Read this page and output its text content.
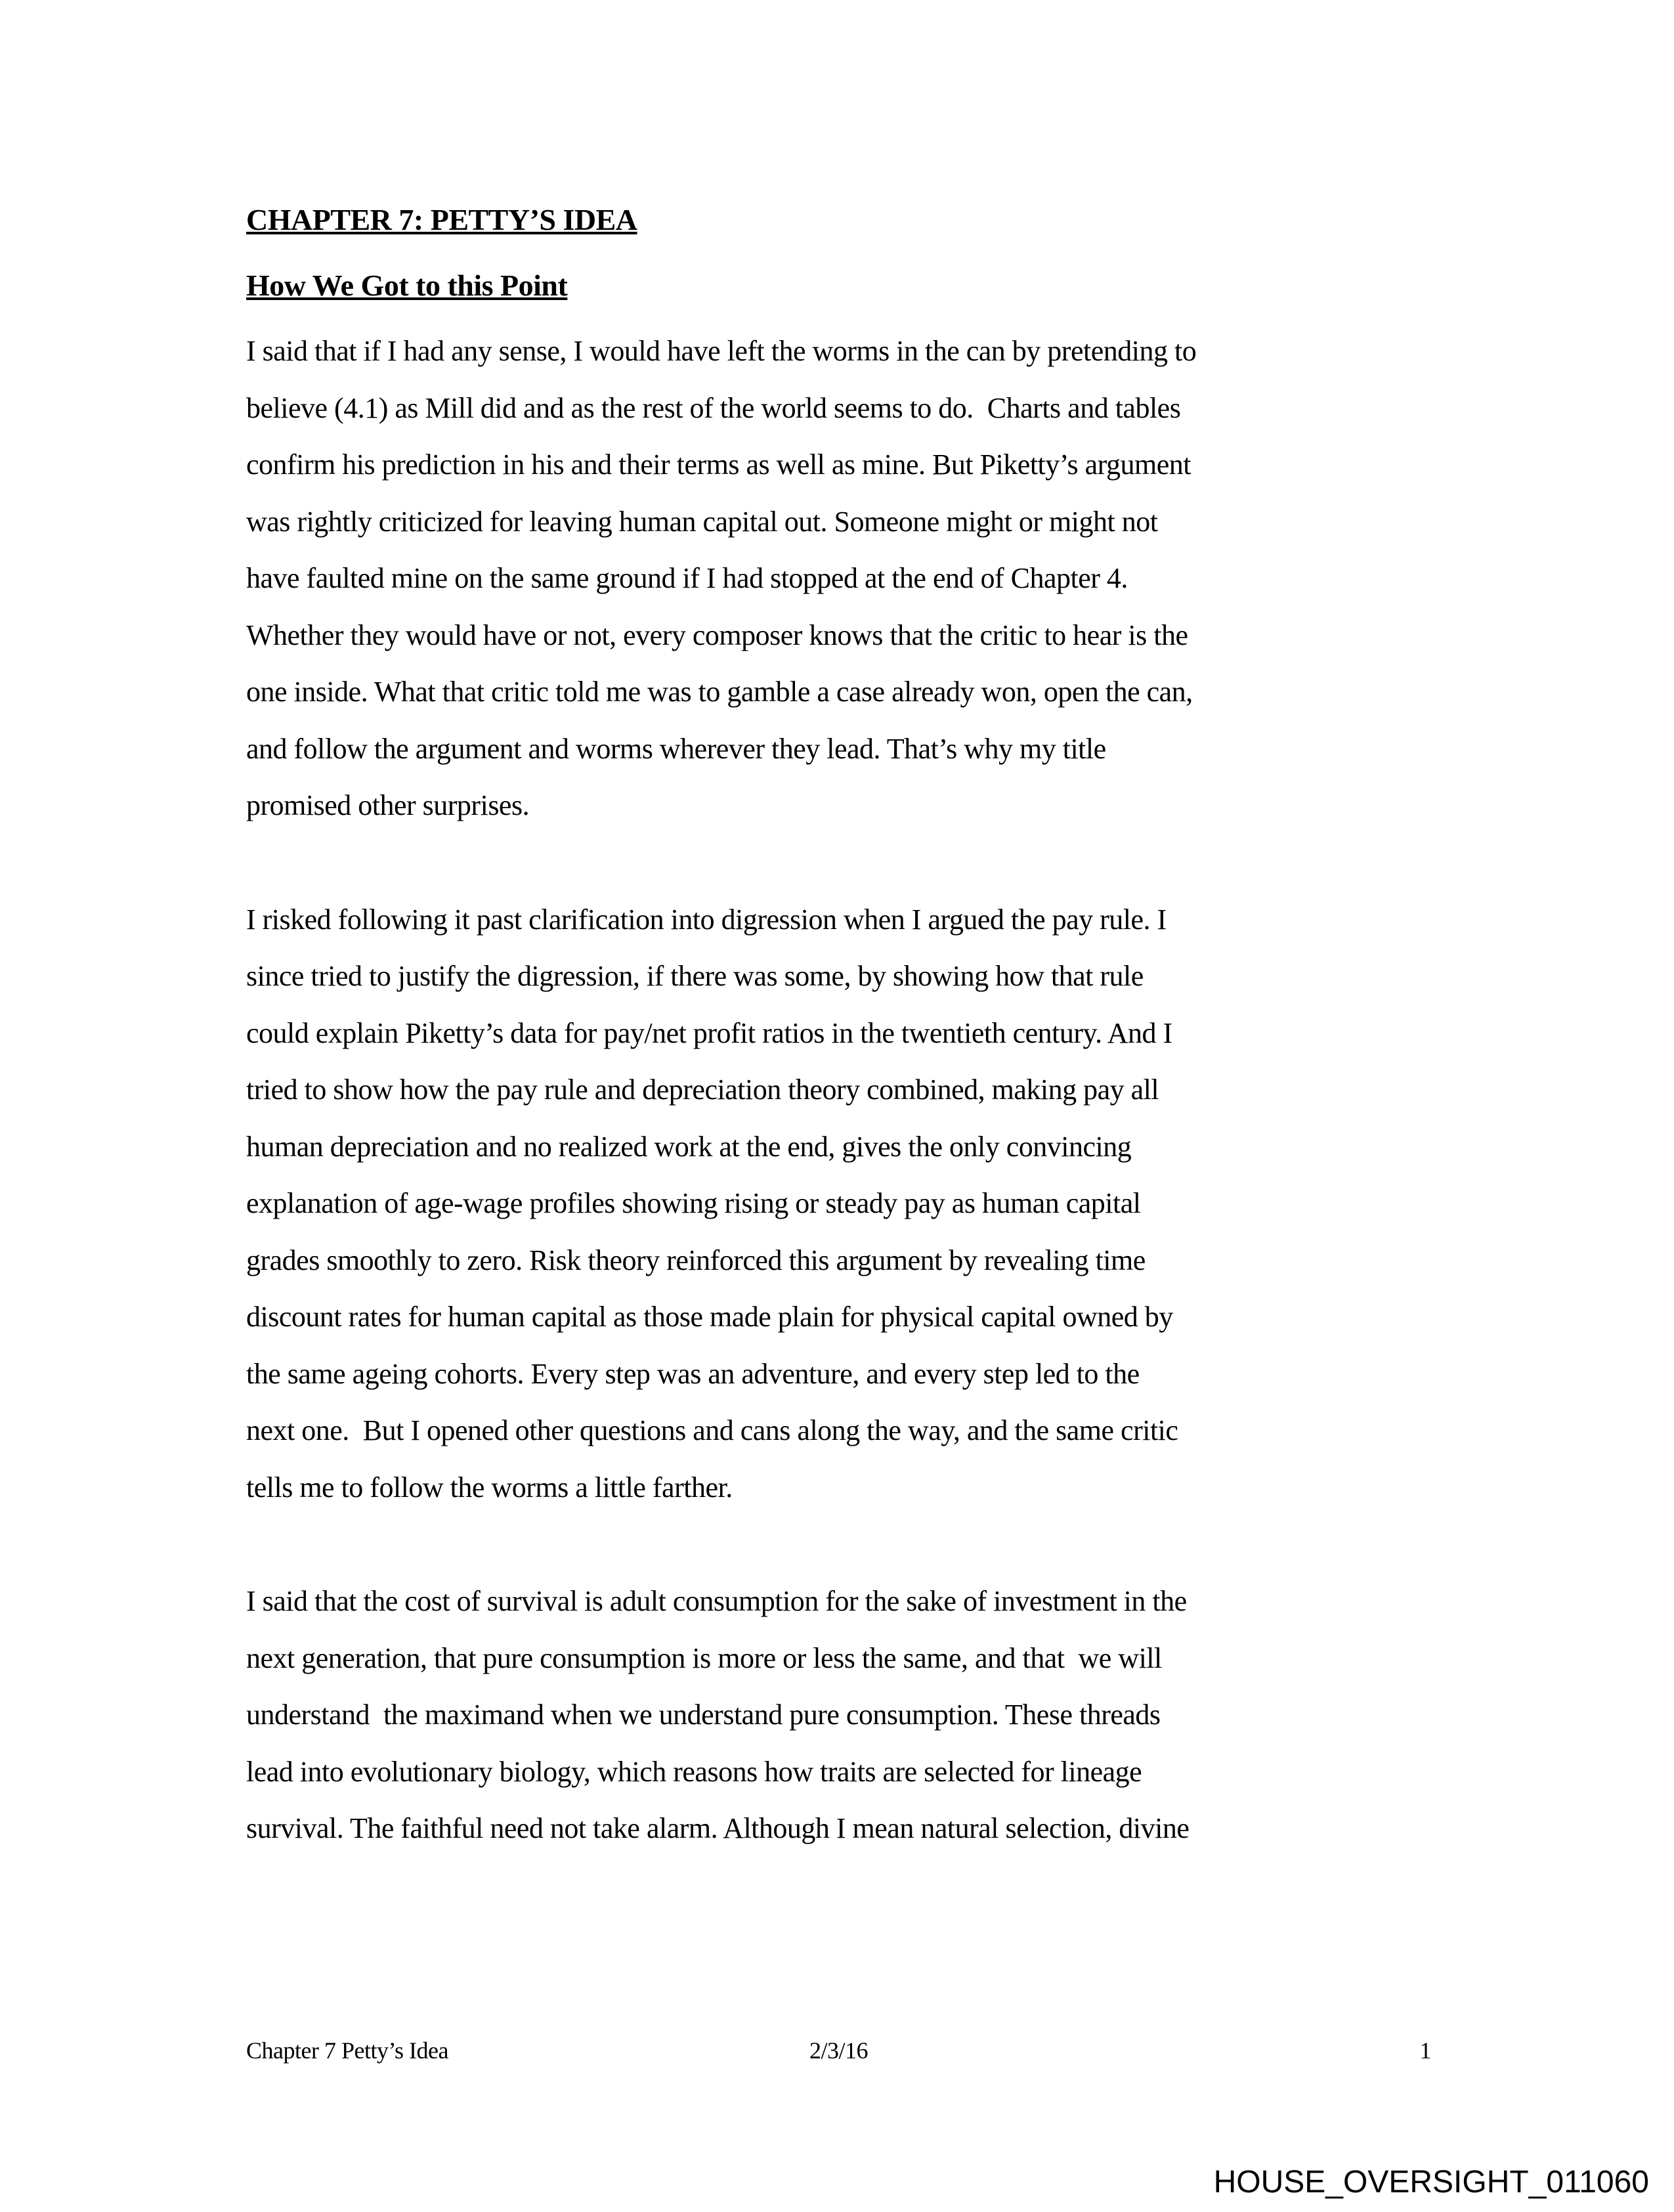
CHAPTER 7: PETTY’S IDEA
How We Got to this Point
I said that if I had any sense, I would have left the worms in the can by pretending to
believe (4.1) as Mill did and as the rest of the world seems to do.  Charts and tables
confirm his prediction in his and their terms as well as mine. But Piketty’s argument
was rightly criticized for leaving human capital out. Someone might or might not
have faulted mine on the same ground if I had stopped at the end of Chapter 4.
Whether they would have or not, every composer knows that the critic to hear is the
one inside. What that critic told me was to gamble a case already won, open the can,
and follow the argument and worms wherever they lead. That’s why my title
promised other surprises.
I risked following it past clarification into digression when I argued the pay rule. I
since tried to justify the digression, if there was some, by showing how that rule
could explain Piketty’s data for pay/net profit ratios in the twentieth century. And I
tried to show how the pay rule and depreciation theory combined, making pay all
human depreciation and no realized work at the end, gives the only convincing
explanation of age-wage profiles showing rising or steady pay as human capital
grades smoothly to zero. Risk theory reinforced this argument by revealing time
discount rates for human capital as those made plain for physical capital owned by
the same ageing cohorts. Every step was an adventure, and every step led to the
next one.  But I opened other questions and cans along the way, and the same critic
tells me to follow the worms a little farther.
I said that the cost of survival is adult consumption for the sake of investment in the
next generation, that pure consumption is more or less the same, and that  we will
understand  the maximand when we understand pure consumption. These threads
lead into evolutionary biology, which reasons how traits are selected for lineage
survival. The faithful need not take alarm. Although I mean natural selection, divine
Chapter 7 Petty’s Idea	2/3/16	1
HOUSE_OVERSIGHT_011060
